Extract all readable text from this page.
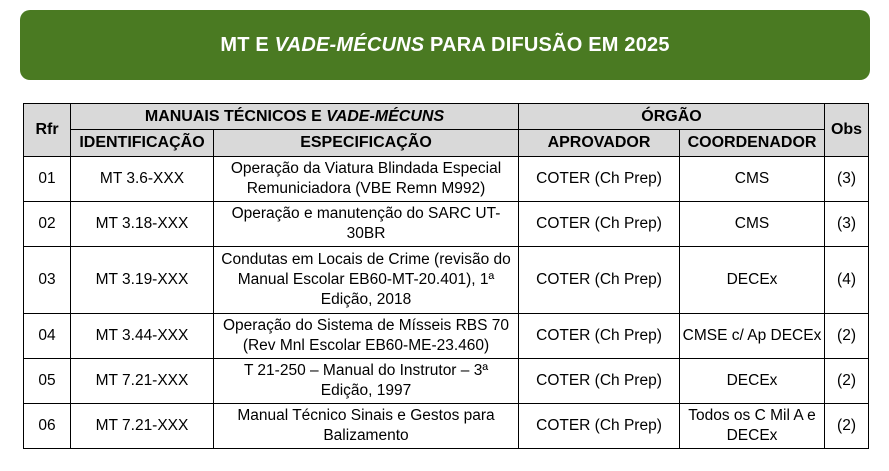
MT E VADE-MÉCUNS PARA DIFUSÃO EM 2025
Rfr	MANUAIS TÉCNICOS E VADE-MÉCUNS		ÓRGÃO		Obs
	IDENTIFICAÇÃO	ESPECIFICAÇÃO	APROVADOR	COORDENADOR	
01	MT 3.6-XXX	Operação da Viatura Blindada Especial Remuniciadora (VBE Remn M992)	COTER (Ch Prep)	CMS	(3)
02	MT 3.18-XXX	Operação e manutenção do SARC UT-30BR	COTER (Ch Prep)	CMS	(3)
03	MT 3.19-XXX	Condutas em Locais de Crime (revisão do Manual Escolar EB60-MT-20.401), 1ª Edição, 2018	COTER (Ch Prep)	DECEx	(4)
04	MT 3.44-XXX	Operação do Sistema de Mísseis RBS 70 (Rev Mnl Escolar EB60-ME-23.460)	COTER (Ch Prep)	CMSE c/ Ap DECEx	(2)
05	MT 7.21-XXX	T 21-250 – Manual do Instrutor – 3ª Edição, 1997	COTER (Ch Prep)	DECEx	(2)
06	MT 7.21-XXX	Manual Técnico Sinais e Gestos para Balizamento	COTER (Ch Prep)	Todos os C Mil A e DECEx	(2)
